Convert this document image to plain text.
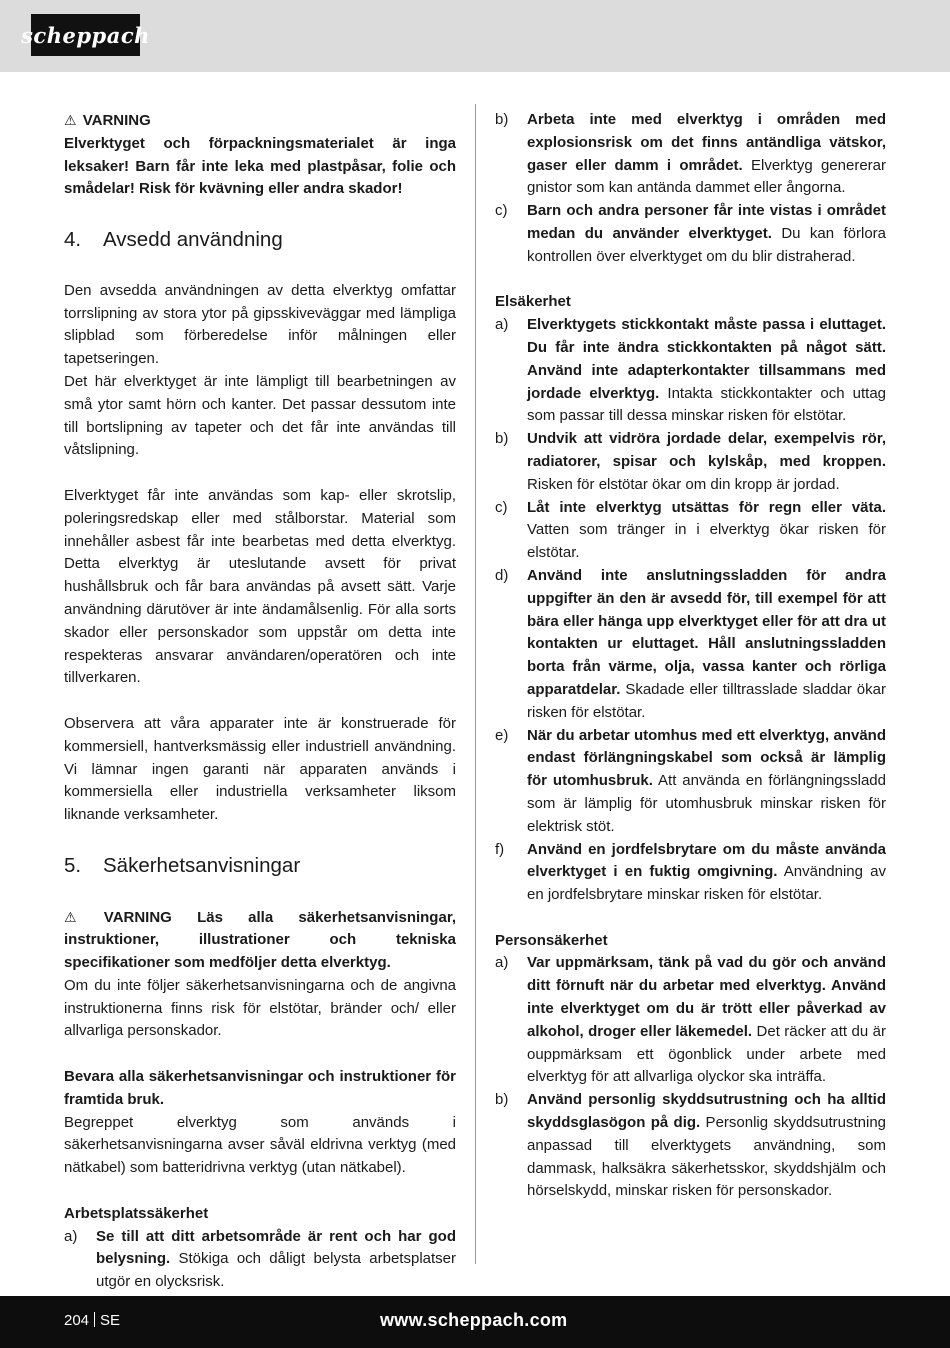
scheppach

⚠ VARNING

Elverktyget och förpackningsmaterialet är inga leksaker! Barn får inte leka med plastpåsar, folie och smådelar! Risk för kvävning eller andra skador!

4. Avsedd användning

Den avsedda användningen av detta elverktyg omfattar torrslipning av stora ytor på gipsskiveväggar med lämpliga slipblad som förberedelse inför målningen eller tapetseringen.

Det här elverktyget är inte lämpligt till bearbetningen av små ytor samt hörn och kanter. Det passar dessutom inte till bortslipning av tapeter och det får inte användas till våtslipning.

Elverktyget får inte användas som kap- eller skrotslip, poleringsredskap eller med stålborstar. Material som innehåller asbest får inte bearbetas med detta elverktyg. Detta elverktyg är uteslutande avsett för privat hushållsbruk och får bara användas på avsett sätt. Varje användning därutöver är inte ändamålsenlig. För alla sorts skador eller personskador som uppstår om detta inte respekteras ansvarar användaren/operatören och inte tillverkaren.

Observera att våra apparater inte är konstruerade för kommersiell, hantverksmässig eller industriell användning. Vi lämnar ingen garanti när apparaten används i kommersiella eller industriella verksamheter liksom liknande verksamheter.

5. Säkerhetsanvisningar

⚠ VARNING Läs alla säkerhetsanvisningar, instruktioner, illustrationer och tekniska specifikationer som medföljer detta elverktyg.

Om du inte följer säkerhetsanvisningarna och de angivna instruktionerna finns risk för elstötar, bränder och/ eller allvarliga personskador.

Bevara alla säkerhetsanvisningar och instruktioner för framtida bruk.

Begreppet elverktyg som används i säkerhetsanvisningarna avser såväl eldrivna verktyg (med nätkabel) som batteridrivna verktyg (utan nätkabel).

Arbetsplatssäkerhet

a)	Se till att ditt arbetsområde är rent och har god belysning. Stökiga och dåligt belysta arbetsplatser utgör en olycksrisk.
b)	Arbeta inte med elverktyg i områden med explosionsrisk om det finns antändliga vätskor, gaser eller damm i området. Elverktyg genererar gnistor som kan antända dammet eller ångorna.
c)	Barn och andra personer får inte vistas i området medan du använder elverktyget. Du kan förlora kontrollen över elverktyget om du blir distraherad.

Elsäkerhet

a)	Elverktygets stickkontakt måste passa i eluttaget. Du får inte ändra stickkontakten på något sätt. Använd inte adapterkontakter tillsammans med jordade elverktyg. Intakta stickkontakter och uttag som passar till dessa minskar risken för elstötar.
b)	Undvik att vidröra jordade delar, exempelvis rör, radiatorer, spisar och kylskåp, med kroppen. Risken för elstötar ökar om din kropp är jordad.
c)	Låt inte elverktyg utsättas för regn eller väta. Vatten som tränger in i elverktyg ökar risken för elstötar.
d)	Använd inte anslutningssladden för andra uppgifter än den är avsedd för, till exempel för att bära eller hänga upp elverktyget eller för att dra ut kontakten ur eluttaget. Håll anslutningssladden borta från värme, olja, vassa kanter och rörliga apparatdelar. Skadade eller tilltrasslade sladdar ökar risken för elstötar.
e)	När du arbetar utomhus med ett elverktyg, använd endast förlängningskabel som också är lämplig för utomhusbruk. Att använda en förlängningssladd som är lämplig för utomhusbruk minskar risken för elektrisk stöt.
f)	Använd en jordfelsbrytare om du måste använda elverktyget i en fuktig omgivning. Användning av en jordfelsbrytare minskar risken för elstötar.

Personsäkerhet

a)	Var uppmärksam, tänk på vad du gör och använd ditt förnuft när du arbetar med elverktyg. Använd inte elverktyget om du är trött eller påverkad av alkohol, droger eller läkemedel. Det räcker att du är ouppmärksam ett ögonblick under arbete med elverktyg för att allvarliga olyckor ska inträffa.
b)	Använd personlig skyddsutrustning och ha alltid skyddsglasögon på dig. Personlig skyddsutrustning anpassad till elverktygets användning, som dammask, halksäkra säkerhetsskor, skyddshjälm och hörselskydd, minskar risken för personskador.
204 SE	www.scheppach.com
